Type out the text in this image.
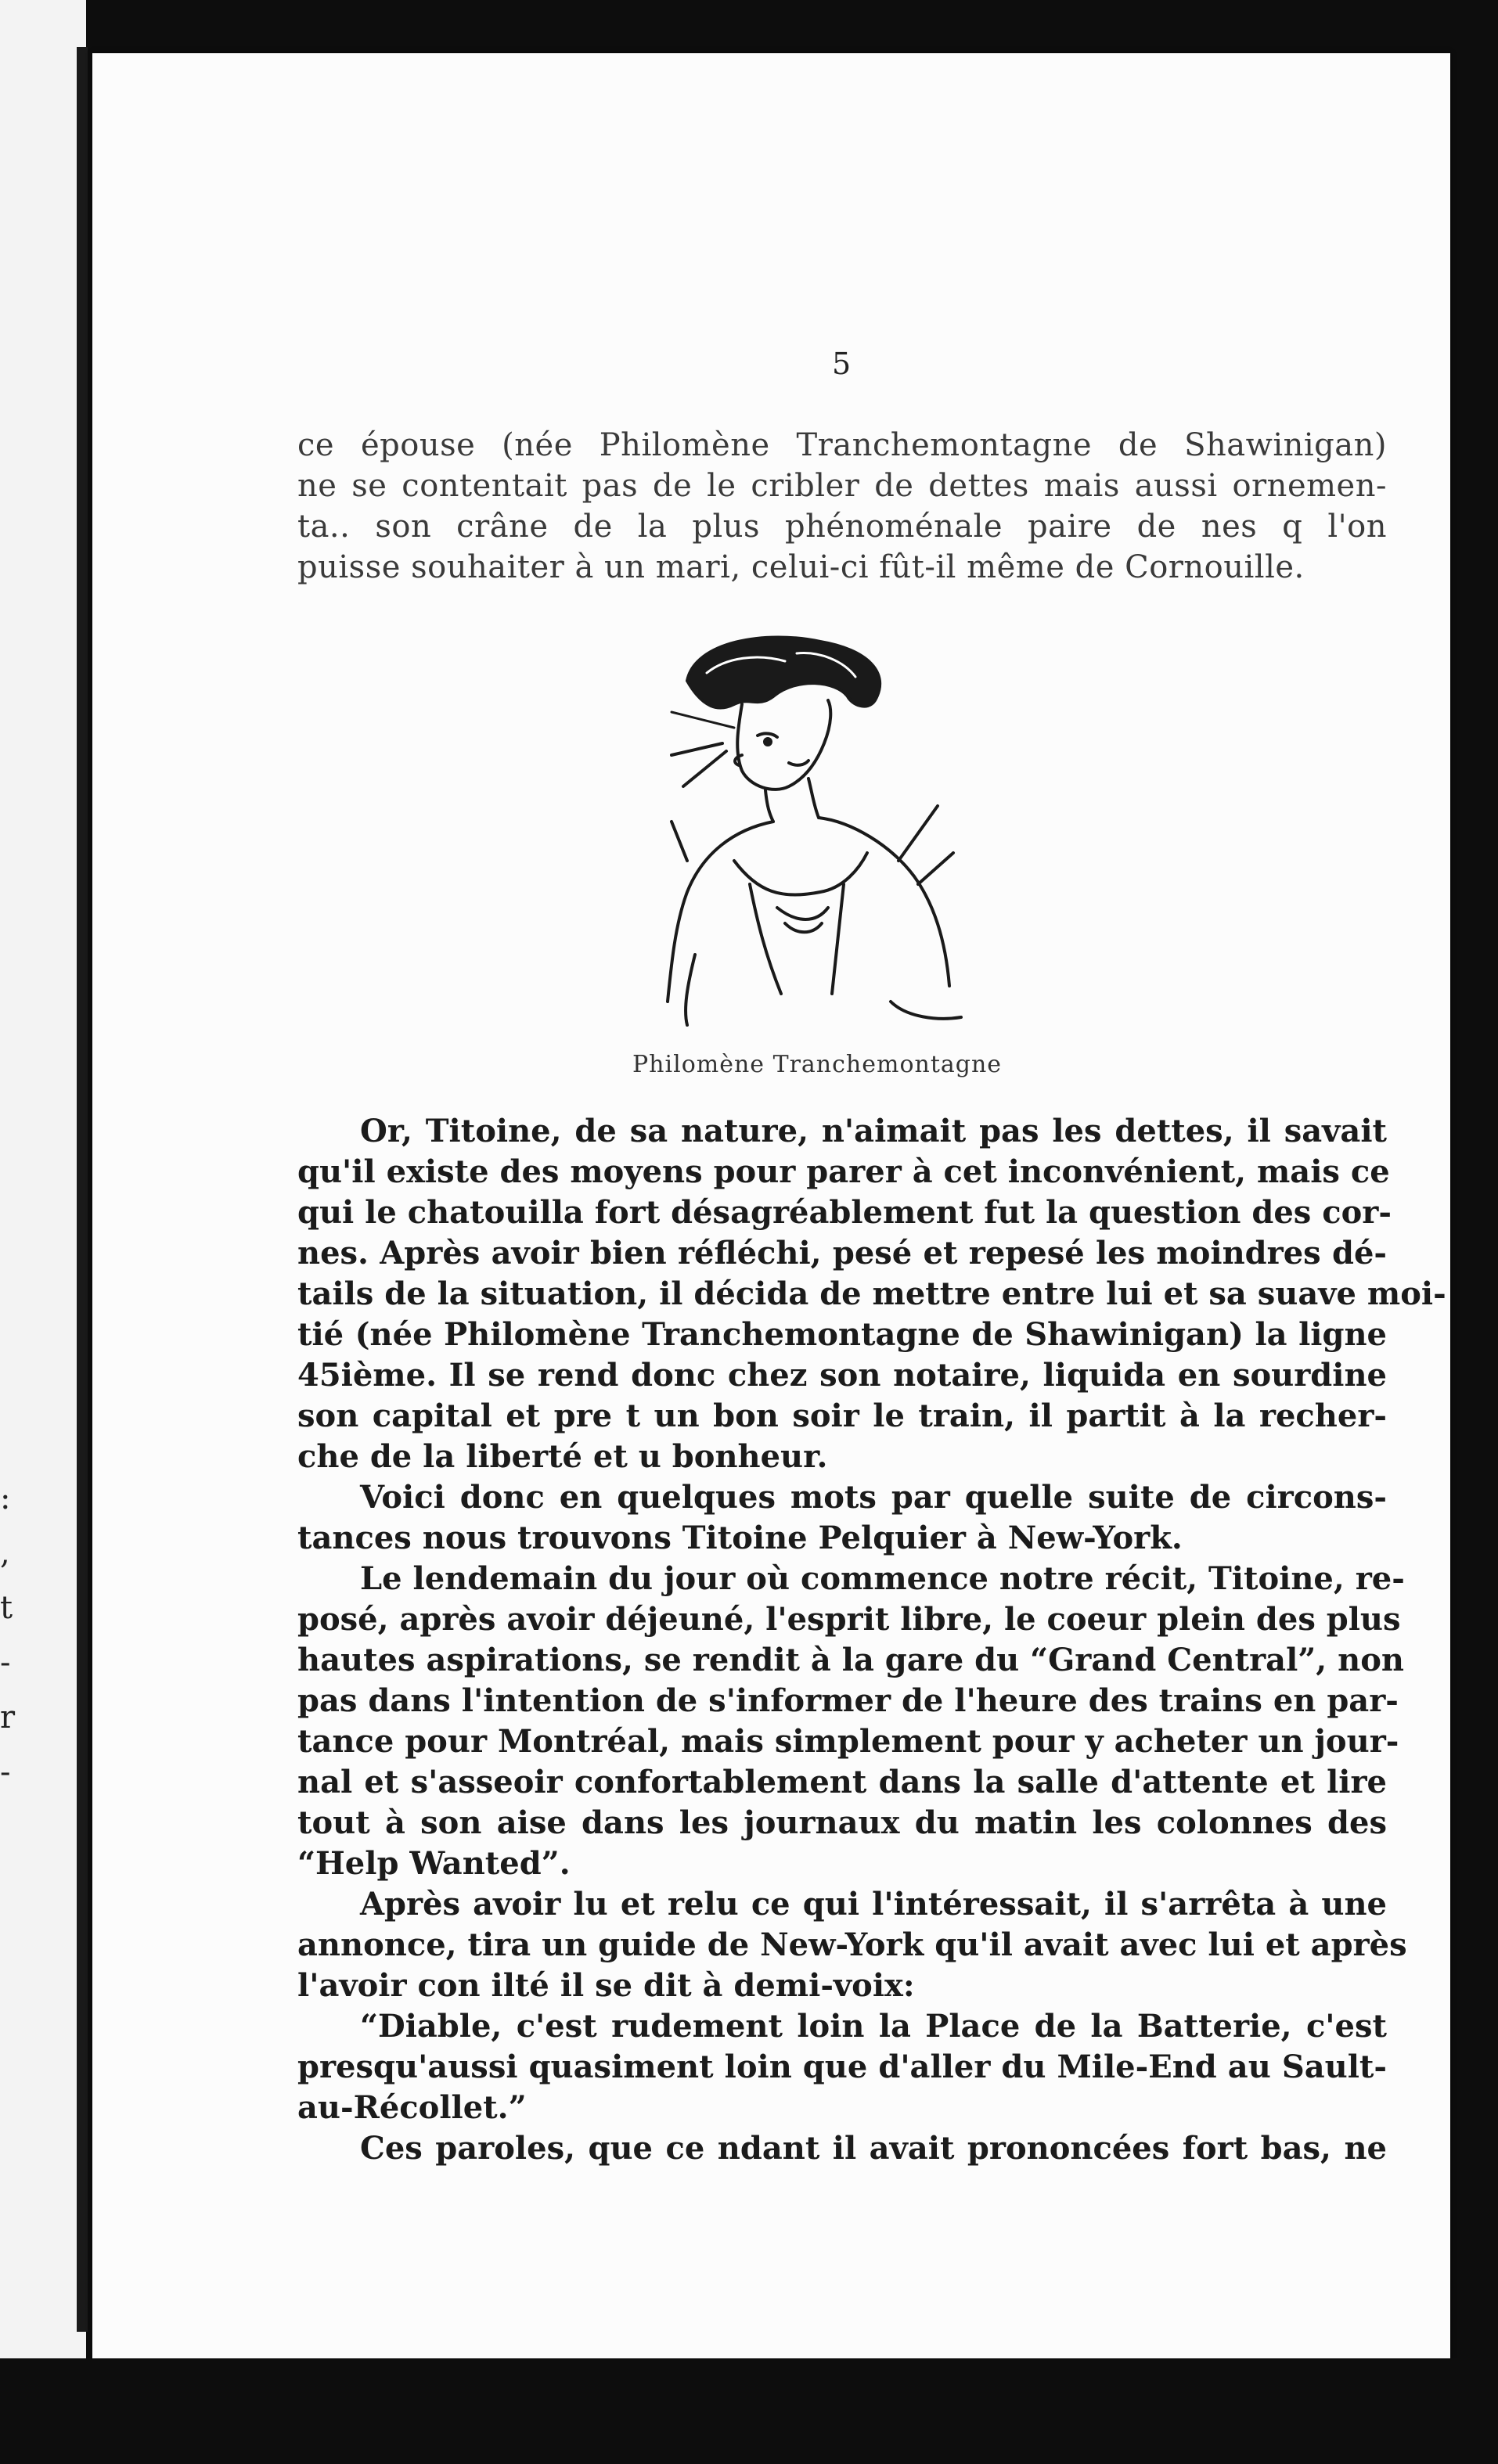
:
,
t
-
r
-
5
ce épouse (née Philomène Tranchemontagne de Shawinigan)
ne se contentait pas de le cribler de dettes mais aussi ornemen-
ta.. son crâne de la plus phénoménale paire de nes q l'on
puisse souhaiter à un mari, celui-ci fût-il même de Cornouille.
Philomène Tranchemontagne
Or, Titoine, de sa nature, n'aimait pas les dettes, il savait
qu'il existe des moyens pour parer à cet inconvénient, mais ce
qui le chatouilla fort désagréablement fut la question des cor-
nes. Après avoir bien réfléchi, pesé et repesé les moindres dé-
tails de la situation, il décida de mettre entre lui et sa suave moi-
tié (née Philomène Tranchemontagne de Shawinigan) la ligne
45ième. Il se rend donc chez son notaire, liquida en sourdine
son capital et pre t un bon soir le train, il partit à la recher-
che de la liberté et u bonheur.
Voici donc en quelques mots par quelle suite de circons-
tances nous trouvons Titoine Pelquier à New-York.
Le lendemain du jour où commence notre récit, Titoine, re-
posé, après avoir déjeuné, l'esprit libre, le coeur plein des plus
hautes aspirations, se rendit à la gare du “Grand Central”, non
pas dans l'intention de s'informer de l'heure des trains en par-
tance pour Montréal, mais simplement pour y acheter un jour-
nal et s'asseoir confortablement dans la salle d'attente et lire
tout à son aise dans les journaux du matin les colonnes des
“Help Wanted”.
Après avoir lu et relu ce qui l'intéressait, il s'arrêta à une
annonce, tira un guide de New-York qu'il avait avec lui et après
l'avoir con ilté il se dit à demi-voix:
“Diable, c'est rudement loin la Place de la Batterie, c'est
presqu'aussi quasiment loin que d'aller du Mile-End au Sault-
au-Récollet.”
Ces paroles, que ce ndant il avait prononcées fort bas, ne
